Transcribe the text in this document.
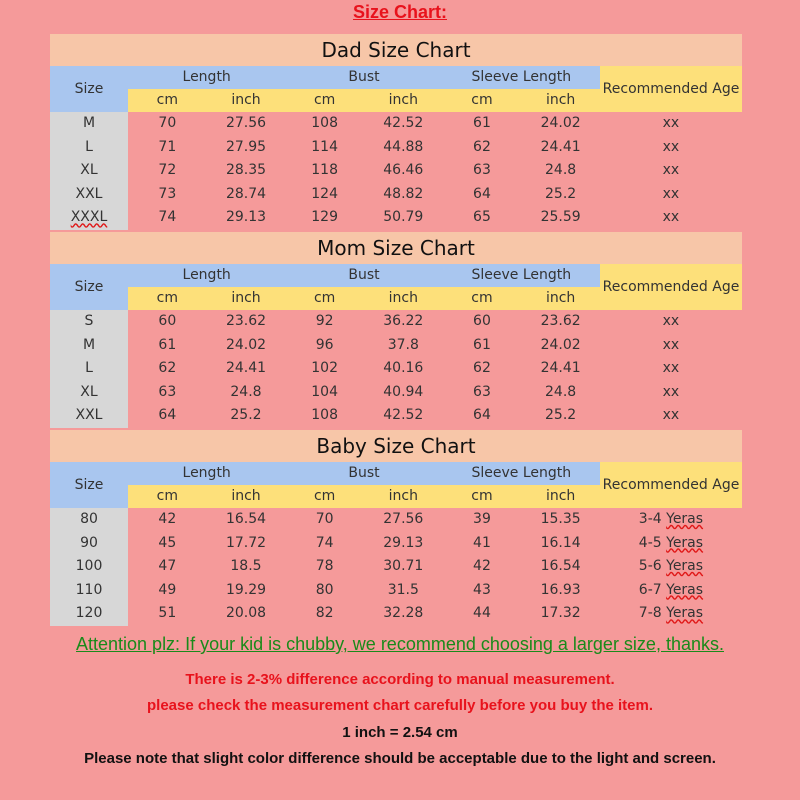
Size Chart:
Dad Size Chart
Size
Length	Bust	Sleeve Length
cm	inch	cm	inch	cm	inch
Recommended Age
M	70	27.56	108	42.52	61	24.02	xx
L	71	27.95	114	44.88	62	24.41	xx
XL	72	28.35	118	46.46	63	24.8	xx
XXL	73	28.74	124	48.82	64	25.2	xx
XXXL	74	29.13	129	50.79	65	25.59	xx
Mom Size Chart
Size
Length	Bust	Sleeve Length
cm	inch	cm	inch	cm	inch
Recommended Age
S	60	23.62	92	36.22	60	23.62	xx
M	61	24.02	96	37.8	61	24.02	xx
L	62	24.41	102	40.16	62	24.41	xx
XL	63	24.8	104	40.94	63	24.8	xx
XXL	64	25.2	108	42.52	64	25.2	xx
Baby Size Chart
Size
Length	Bust	Sleeve Length
cm	inch	cm	inch	cm	inch
Recommended Age
80	42	16.54	70	27.56	39	15.35	3-4 Yeras
90	45	17.72	74	29.13	41	16.14	4-5 Yeras
100	47	18.5	78	30.71	42	16.54	5-6 Yeras
110	49	19.29	80	31.5	43	16.93	6-7 Yeras
120	51	20.08	82	32.28	44	17.32	7-8 Yeras
Attention plz: If your kid is chubby, we recommend choosing a larger size, thanks.
There is 2-3% difference according to manual measurement.
please check the measurement chart carefully before you buy the item.
1 inch = 2.54 cm
Please note that slight color difference should be acceptable due to the light and screen.
